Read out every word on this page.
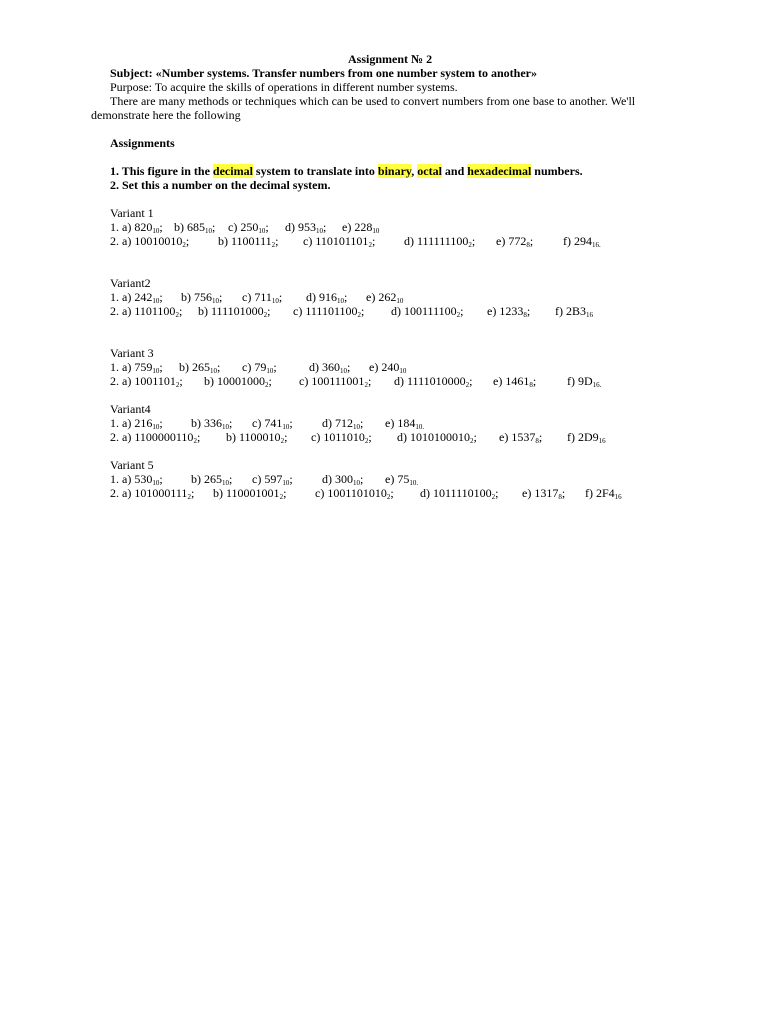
Assignment № 2
Subject: «Number systems. Transfer numbers from one number system to another»
Purpose: To acquire the skills of operations in different number systems.
There are many methods or techniques which can be used to convert numbers from one base to another. We'll
demonstrate here the following
Assignments
1. This figure in the decimal system to translate into binary, octal and hexadecimal numbers.
2. Set this a number on the decimal system.
Variant 1
1. a) $820_{10}$; b) $685_{10}$; c) $250_{10}$; d) $953_{10}$; e) $228_{10}$
2. a) $10010010_2$; b) $1100111_2$; c) $110101101_2$; d) $111111100_2$; e) $772_8$; f) $294_{16.}$
Variant2
1. a) $242_{10}$; b) $756_{10}$; c) $711_{10}$; d) $916_{10}$; e) $262_{10}$
2. a) $1101100_2$; b) $111101000_2$; c) $111101100_2$; d) $100111100_2$; e) $1233_8$; f) $2B3_{16}$
Variant 3
1. a) $759_{10}$; b) $265_{10}$; c) $79_{10}$;	d) $360_{10}$; e) $240_{10}$
2. a) $1001101_2$; b) $10001000_2$; c) $100111001_2$; d) $1111010000_2$; e) $1461_8$;	f) $9D_{16.}$
Variant4
1. a) $216_{10}$; b) $336_{10}$; c) $741_{10}$; d) $712_{10}$; e) $184_{10.}$
2. a) $1100000110_2$; b) $1100010_2$; c) $1011010_2$; d) $1010100010_2$; e) $1537_8$; f) $2D9_{16}$
Variant 5
1. a) $530_{10}$; b) $265_{10}$; c) $597_{10}$; d) $300_{10}$; e) $75_{10.}$
2. a) $101000111_2$; b) $110001001_2$; c) $1001101010_2$; d) $1011110100_2$; e) $1317_8$; f) $2F4_{16}$
